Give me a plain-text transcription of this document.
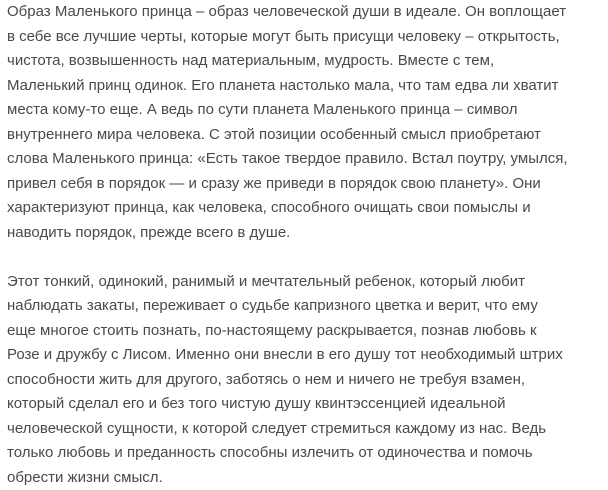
Образ Маленького принца – образ человеческой души в идеале. Он воплощает
в себе все лучшие черты, которые могут быть присущи человеку – открытость,
чистота, возвышенность над материальным, мудрость. Вместе с тем,
Маленький принц одинок. Его планета настолько мала, что там едва ли хватит
места кому-то еще. А ведь по сути планета Маленького принца – символ
внутреннего мира человека. С этой позиции особенный смысл приобретают
слова Маленького принца: «Есть такое твердое правило. Встал поутру, умылся,
привел себя в порядок — и сразу же приведи в порядок свою планету». Они
характеризуют принца, как человека, способного очищать свои помыслы и
наводить порядок, прежде всего в душе.

Этот тонкий, одинокий, ранимый и мечтательный ребенок, который любит
наблюдать закаты, переживает о судьбе капризного цветка и верит, что ему
еще многое стоить познать, по-настоящему раскрывается, познав любовь к
Розе и дружбу с Лисом. Именно они внесли в его душу тот необходимый штрих
способности жить для другого, заботясь о нем и ничего не требуя взамен,
который сделал его и без того чистую душу квинтэссенцией идеальной
человеческой сущности, к которой следует стремиться каждому из нас. Ведь
только любовь и преданность способны излечить от одиночества и помочь
обрести жизни смысл.
